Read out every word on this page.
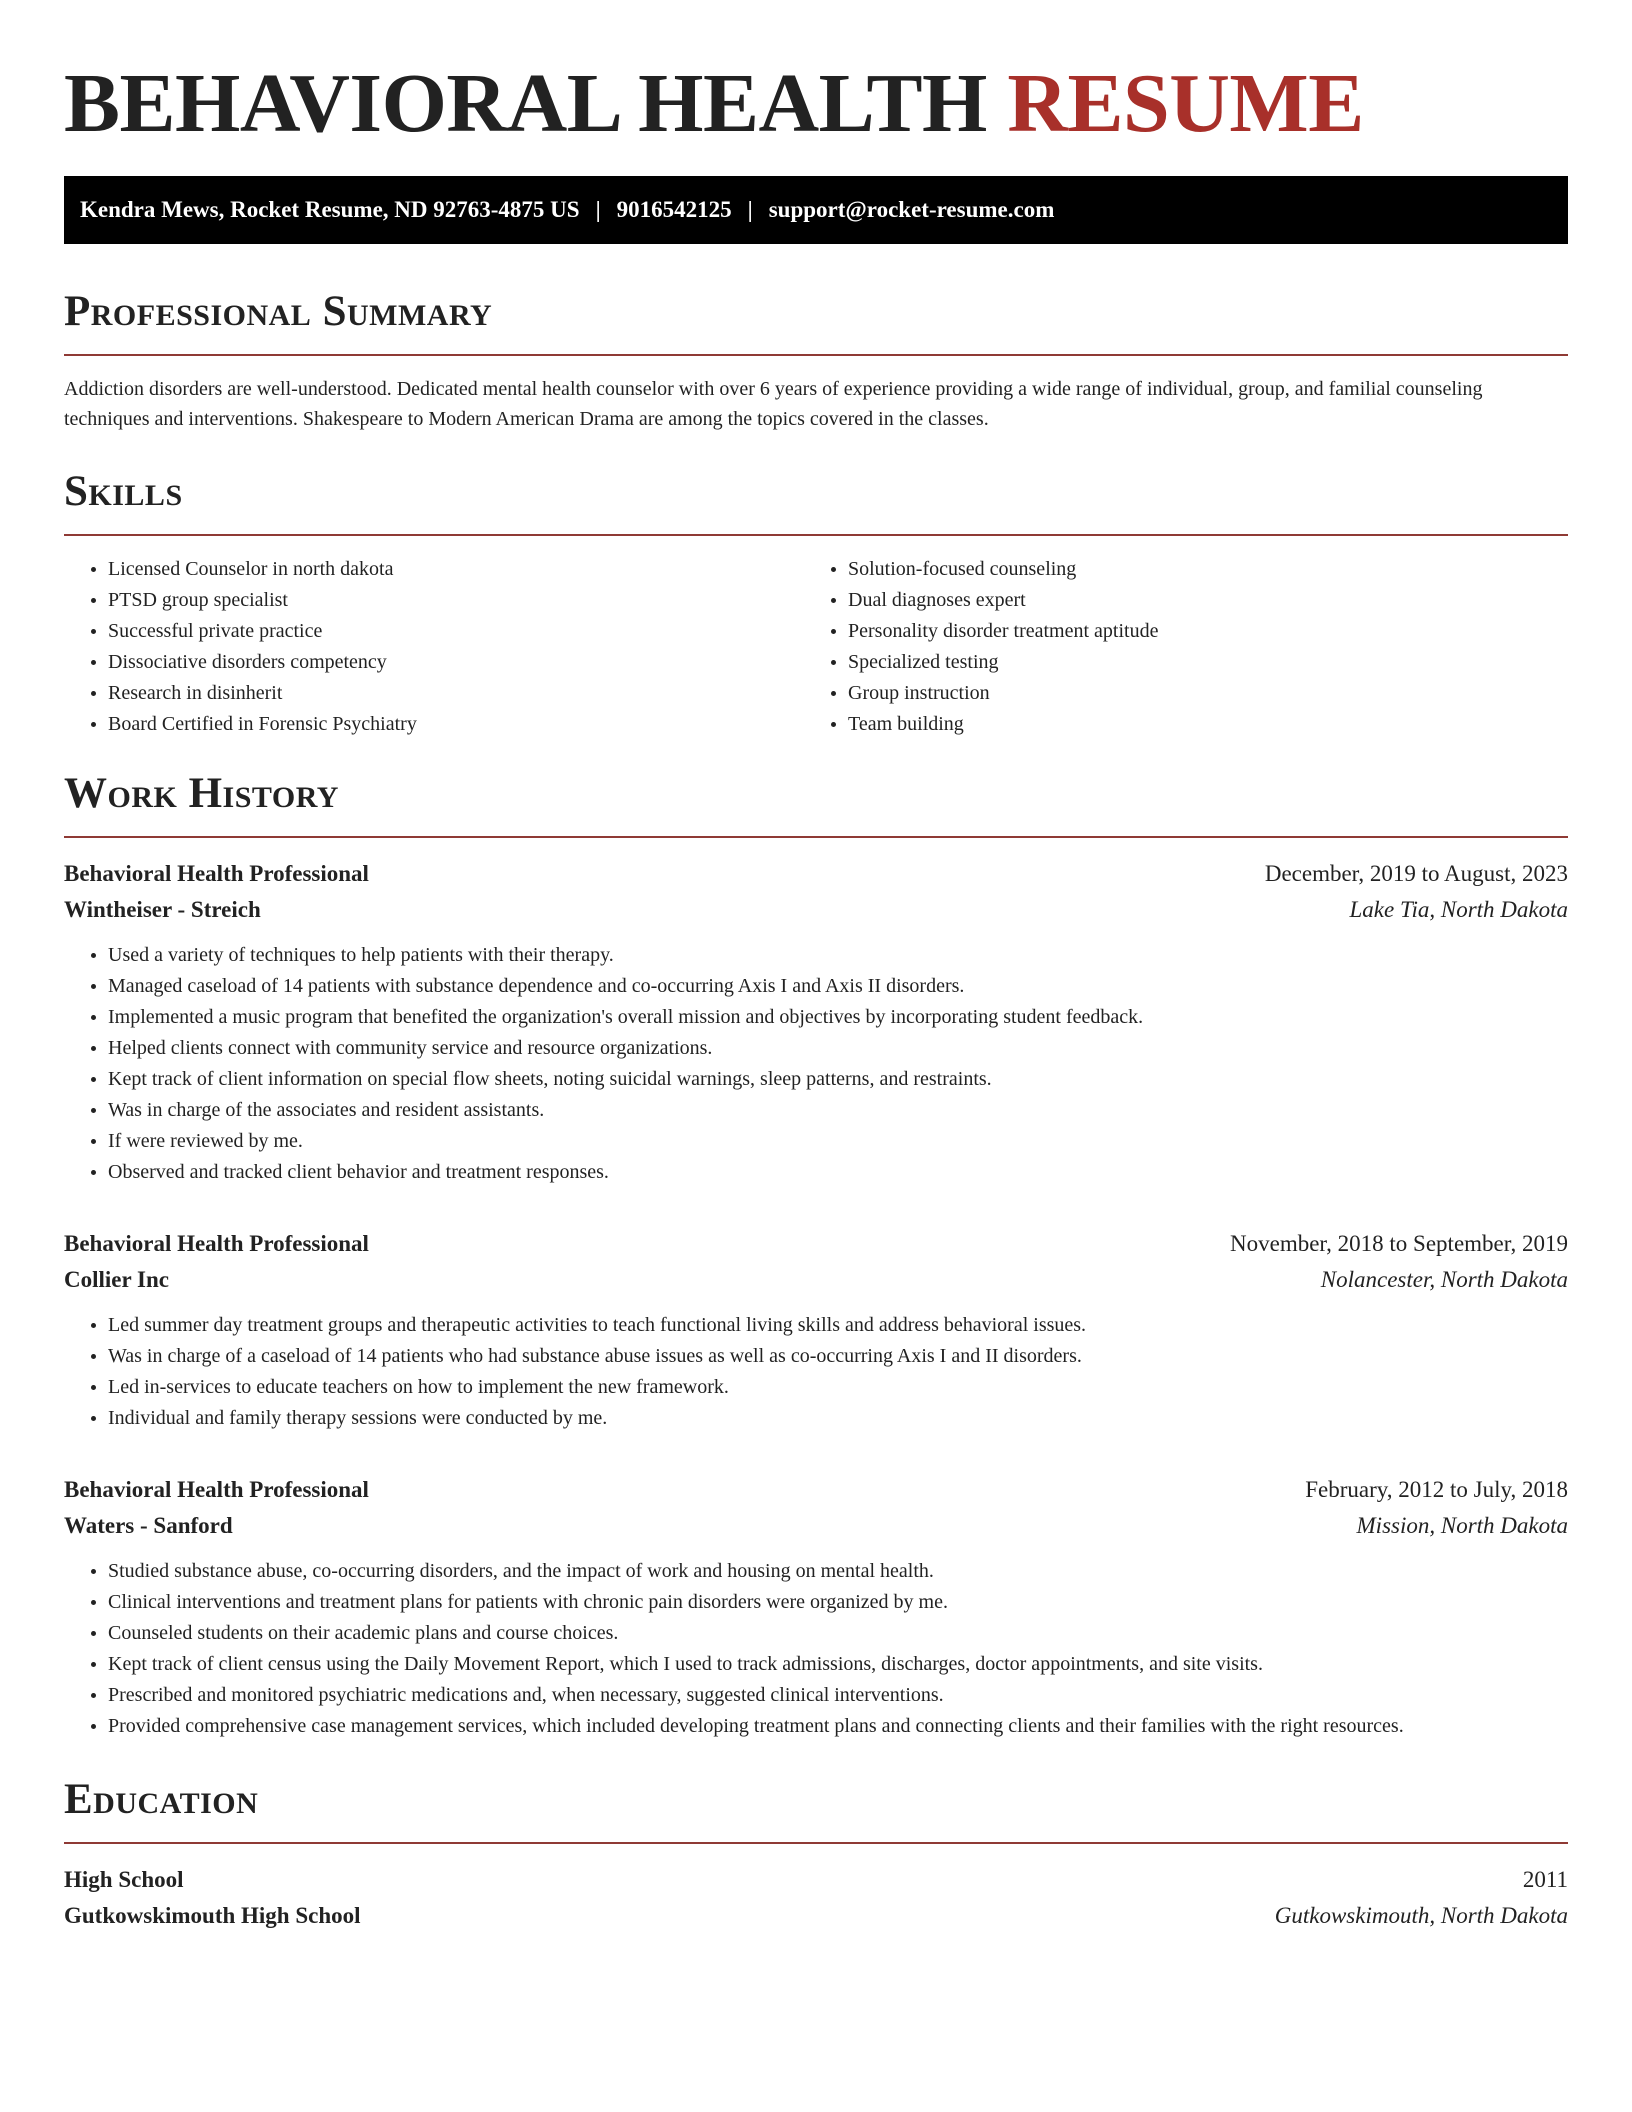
BEHAVIORAL HEALTH RESUME
Kendra Mews, Rocket Resume, ND 92763-4875 US | 9016542125 | support@rocket-resume.com
Professional Summary

Addiction disorders are well-understood. Dedicated mental health counselor with over 6 years of experience providing a wide range of individual, group, and familial counseling techniques and interventions. Shakespeare to Modern American Drama are among the topics covered in the classes.

Skills
• Licensed Counselor in north dakota
• PTSD group specialist
• Successful private practice
• Dissociative disorders competency
• Research in disinherit
• Board Certified in Forensic Psychiatry
• Solution-focused counseling
• Dual diagnoses expert
• Personality disorder treatment aptitude
• Specialized testing
• Group instruction
• Team building
Work History
Behavioral Health Professional	December, 2019 to August, 2023
Wintheiser - Streich	Lake Tia, North Dakota
• Used a variety of techniques to help patients with their therapy.
• Managed caseload of 14 patients with substance dependence and co-occurring Axis I and Axis II disorders.
• Implemented a music program that benefited the organization's overall mission and objectives by incorporating student feedback.
• Helped clients connect with community service and resource organizations.
• Kept track of client information on special flow sheets, noting suicidal warnings, sleep patterns, and restraints.
• Was in charge of the associates and resident assistants.
• If were reviewed by me.
• Observed and tracked client behavior and treatment responses.
Behavioral Health Professional	November, 2018 to September, 2019
Collier Inc	Nolancester, North Dakota
• Led summer day treatment groups and therapeutic activities to teach functional living skills and address behavioral issues.
• Was in charge of a caseload of 14 patients who had substance abuse issues as well as co-occurring Axis I and II disorders.
• Led in-services to educate teachers on how to implement the new framework.
• Individual and family therapy sessions were conducted by me.
Behavioral Health Professional	February, 2012 to July, 2018
Waters - Sanford	Mission, North Dakota
• Studied substance abuse, co-occurring disorders, and the impact of work and housing on mental health.
• Clinical interventions and treatment plans for patients with chronic pain disorders were organized by me.
• Counseled students on their academic plans and course choices.
• Kept track of client census using the Daily Movement Report, which I used to track admissions, discharges, doctor appointments, and site visits.
• Prescribed and monitored psychiatric medications and, when necessary, suggested clinical interventions.
• Provided comprehensive case management services, which included developing treatment plans and connecting clients and their families with the right resources.
Education
High School	2011
Gutkowskimouth High School	Gutkowskimouth, North Dakota
